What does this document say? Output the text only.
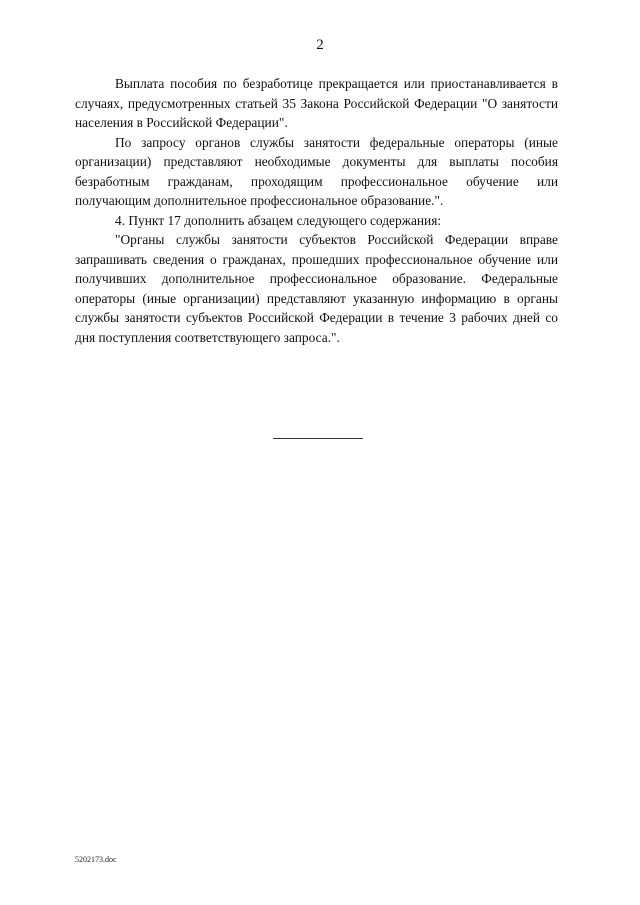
2

Выплата пособия по безработице прекращается или приостанавливается в случаях, предусмотренных статьей 35 Закона Российской Федерации "О занятости населения в Российской Федерации".

По запросу органов службы занятости федеральные операторы (иные организации) представляют необходимые документы для выплаты пособия безработным гражданам, проходящим профессиональное обучение или получающим дополнительное профессиональное образование.".

4. Пункт 17 дополнить абзацем следующего содержания:

"Органы службы занятости субъектов Российской Федерации вправе запрашивать сведения о гражданах, прошедших профессиональное обучение или получивших дополнительное профессиональное образование. Федеральные операторы (иные организации) представляют указанную информацию в органы службы занятости субъектов Российской Федерации в течение 3 рабочих дней со дня поступления соответствующего запроса.".

5202173.doc
